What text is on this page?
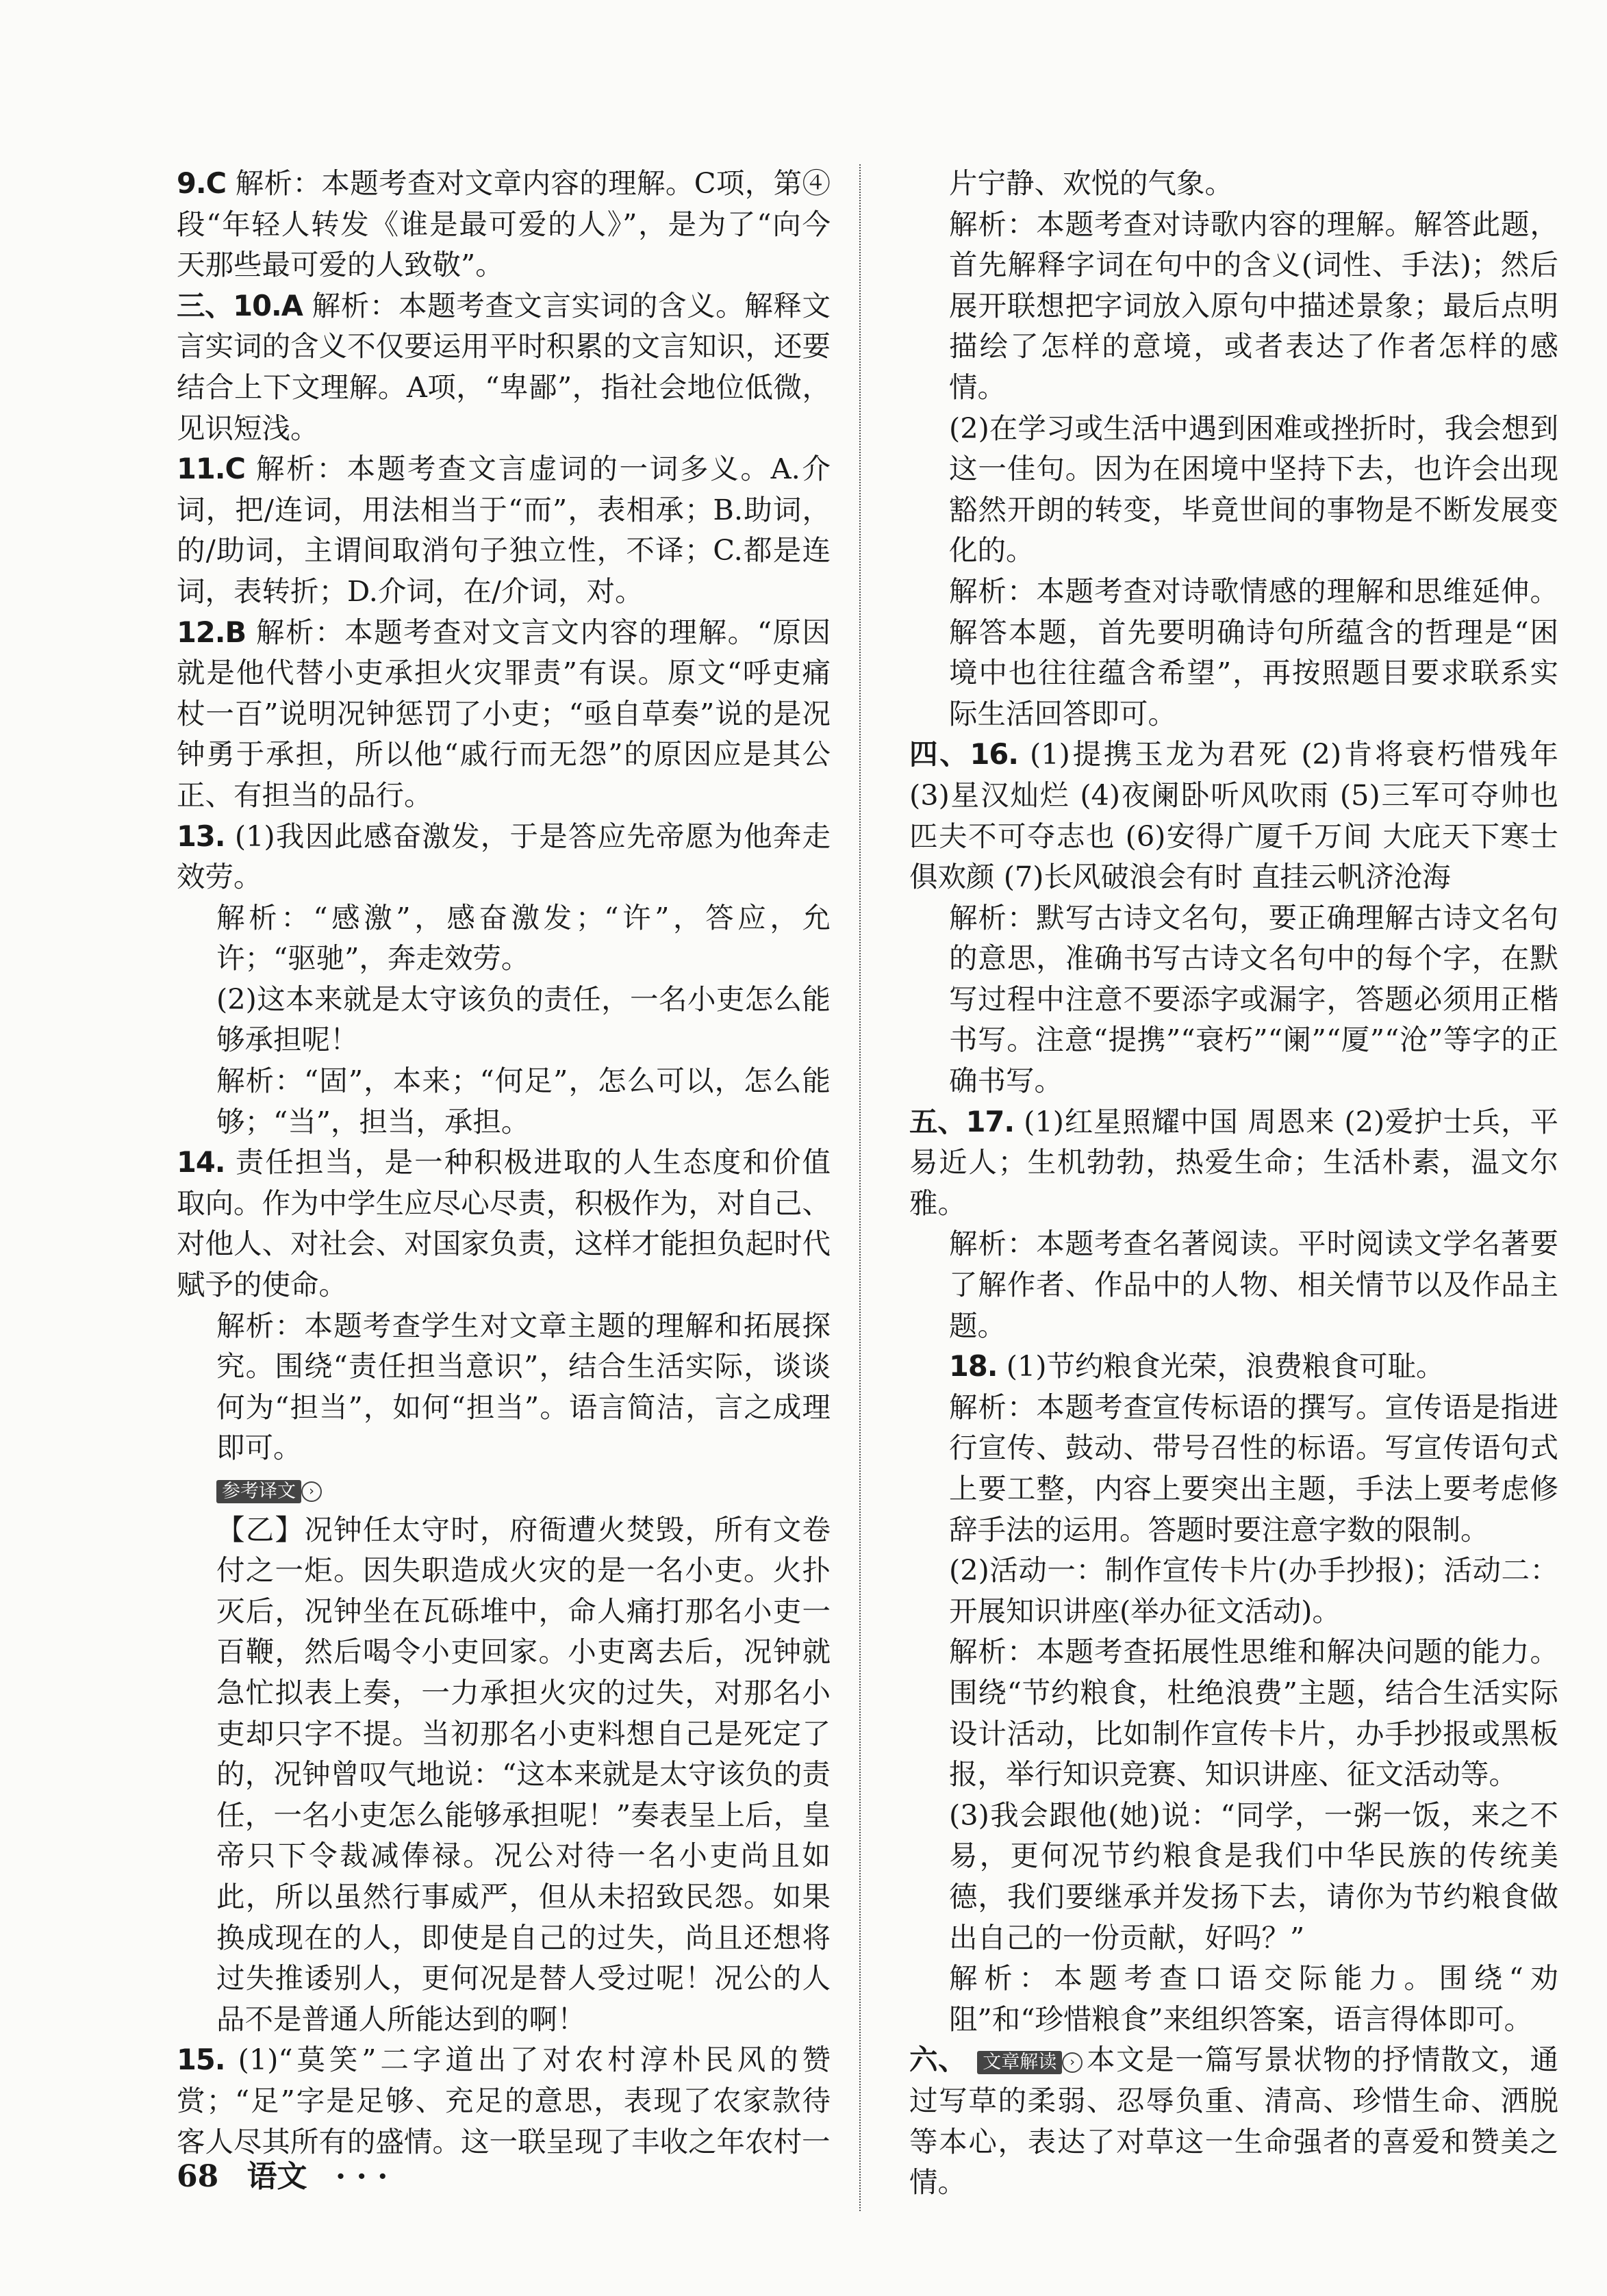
9.C 解析：本题考查对文章内容的理解。C项，第④段“年轻人转发《谁是最可爱的人》”，是为了“向今天那些最可爱的人致敬”。
三、10.A 解析：本题考查文言实词的含义。解释文言实词的含义不仅要运用平时积累的文言知识，还要结合上下文理解。A项，“卑鄙”，指社会地位低微，见识短浅。
11.C 解析：本题考查文言虚词的一词多义。A.介词，把/连词，用法相当于“而”，表相承；B.助词，的/助词，主谓间取消句子独立性，不译；C.都是连词，表转折；D.介词，在/介词，对。
12.B 解析：本题考查对文言文内容的理解。“原因就是他代替小吏承担火灾罪责”有误。原文“呼吏痛杖一百”说明况钟惩罚了小吏；“亟自草奏”说的是况钟勇于承担，所以他“戚行而无怨”的原因应是其公正、有担当的品行。
13. (1)我因此感奋激发，于是答应先帝愿为他奔走效劳。
解析：“感激”，感奋激发；“许”，答应，允许；“驱驰”，奔走效劳。
(2)这本来就是太守该负的责任，一名小吏怎么能够承担呢！
解析：“固”，本来；“何足”，怎么可以，怎么能够；“当”，担当，承担。
14. 责任担当，是一种积极进取的人生态度和价值取向。作为中学生应尽心尽责，积极作为，对自己、对他人、对社会、对国家负责，这样才能担负起时代赋予的使命。
解析：本题考查学生对文章主题的理解和拓展探究。围绕“责任担当意识”，结合生活实际，谈谈何为“担当”，如何“担当”。语言简洁，言之成理即可。
参考译文 ›
【乙】况钟任太守时，府衙遭火焚毁，所有文卷付之一炬。因失职造成火灾的是一名小吏。火扑灭后，况钟坐在瓦砾堆中，命人痛打那名小吏一百鞭，然后喝令小吏回家。小吏离去后，况钟就急忙拟表上奏，一力承担火灾的过失，对那名小吏却只字不提。当初那名小吏料想自己是死定了的，况钟曾叹气地说：“这本来就是太守该负的责任，一名小吏怎么能够承担呢！”奏表呈上后，皇帝只下令裁减俸禄。况公对待一名小吏尚且如此，所以虽然行事威严，但从未招致民怨。如果换成现在的人，即使是自己的过失，尚且还想将过失推诿别人，更何况是替人受过呢！况公的人品不是普通人所能达到的啊！
15. (1)“莫笑”二字道出了对农村淳朴民风的赞赏；“足”字是足够、充足的意思，表现了农家款待客人尽其所有的盛情。这一联呈现了丰收之年农村一
片宁静、欢悦的气象。
解析：本题考查对诗歌内容的理解。解答此题，首先解释字词在句中的含义(词性、手法)；然后展开联想把字词放入原句中描述景象；最后点明描绘了怎样的意境，或者表达了作者怎样的感情。
(2)在学习或生活中遇到困难或挫折时，我会想到这一佳句。因为在困境中坚持下去，也许会出现豁然开朗的转变，毕竟世间的事物是不断发展变化的。
解析：本题考查对诗歌情感的理解和思维延伸。解答本题，首先要明确诗句所蕴含的哲理是“困境中也往往蕴含希望”，再按照题目要求联系实际生活回答即可。
四、16. (1)提携玉龙为君死 (2)肯将衰朽惜残年 (3)星汉灿烂 (4)夜阑卧听风吹雨 (5)三军可夺帅也 匹夫不可夺志也 (6)安得广厦千万间 大庇天下寒士俱欢颜 (7)长风破浪会有时 直挂云帆济沧海
解析：默写古诗文名句，要正确理解古诗文名句的意思，准确书写古诗文名句中的每个字，在默写过程中注意不要添字或漏字，答题必须用正楷书写。注意“提携”“衰朽”“阑”“厦”“沧”等字的正确书写。
五、17. (1)红星照耀中国 周恩来 (2)爱护士兵，平易近人；生机勃勃，热爱生命；生活朴素，温文尔雅。
解析：本题考查名著阅读。平时阅读文学名著要了解作者、作品中的人物、相关情节以及作品主题。
18. (1)节约粮食光荣，浪费粮食可耻。
解析：本题考查宣传标语的撰写。宣传语是指进行宣传、鼓动、带号召性的标语。写宣传语句式上要工整，内容上要突出主题，手法上要考虑修辞手法的运用。答题时要注意字数的限制。
(2)活动一：制作宣传卡片(办手抄报)；活动二：开展知识讲座(举办征文活动)。
解析：本题考查拓展性思维和解决问题的能力。围绕“节约粮食，杜绝浪费”主题，结合生活实际设计活动，比如制作宣传卡片，办手抄报或黑板报，举行知识竞赛、知识讲座、征文活动等。
(3)我会跟他(她)说：“同学，一粥一饭，来之不易，更何况节约粮食是我们中华民族的传统美德，我们要继承并发扬下去，请你为节约粮食做出自己的一份贡献，好吗？”
解析：本题考查口语交际能力。围绕“劝阻”和“珍惜粮食”来组织答案，语言得体即可。
六、 文章解读 › 本文是一篇写景状物的抒情散文，通过写草的柔弱、忍辱负重、清高、珍惜生命、洒脱等本心，表达了对草这一生命强者的喜爱和赞美之情。
68 语文 · · ·
